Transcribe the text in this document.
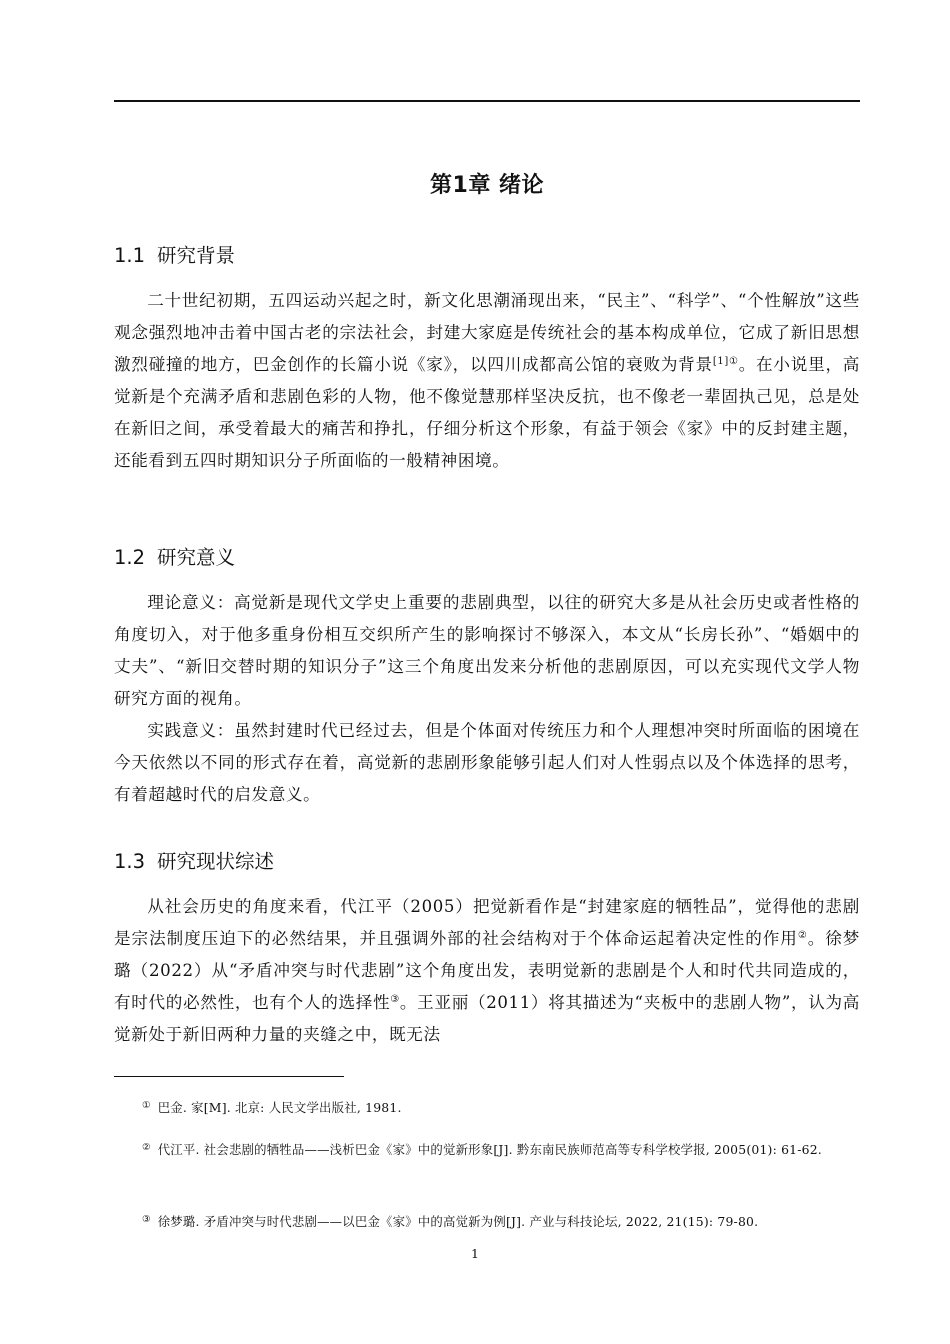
第1章 绪论
1.1 研究背景

二十世纪初期，五四运动兴起之时，新文化思潮涌现出来，“民主”、“科学”、“个性解放”这些观念强烈地冲击着中国古老的宗法社会，封建大家庭是传统社会的基本构成单位，它成了新旧思想激烈碰撞的地方，巴金创作的长篇小说《家》，以四川成都高公馆的衰败为背景$^{[1]①}$。在小说里，高觉新是个充满矛盾和悲剧色彩的人物，他不像觉慧那样坚决反抗，也不像老一辈固执己见，总是处在新旧之间，承受着最大的痛苦和挣扎，仔细分析这个形象，有益于领会《家》中的反封建主题，还能看到五四时期知识分子所面临的一般精神困境。

1.2 研究意义

理论意义：高觉新是现代文学史上重要的悲剧典型，以往的研究大多是从社会历史或者性格的角度切入，对于他多重身份相互交织所产生的影响探讨不够深入，本文从“长房长孙”、“婚姻中的丈夫”、“新旧交替时期的知识分子”这三个角度出发来分析他的悲剧原因，可以充实现代文学人物研究方面的视角。

实践意义：虽然封建时代已经过去，但是个体面对传统压力和个人理想冲突时所面临的困境在今天依然以不同的形式存在着，高觉新的悲剧形象能够引起人们对人性弱点以及个体选择的思考，有着超越时代的启发意义。

1.3 研究现状综述

从社会历史的角度来看，代江平（2005）把觉新看作是“封建家庭的牺牲品”，觉得他的悲剧是宗法制度压迫下的必然结果，并且强调外部的社会结构对于个体命运起着决定性的作用②。徐梦璐（2022）从“矛盾冲突与时代悲剧”这个角度出发，表明觉新的悲剧是个人和时代共同造成的，有时代的必然性，也有个人的选择性③。王亚丽（2011）将其描述为“夹板中的悲剧人物”，认为高觉新处于新旧两种力量的夹缝之中，既无法

① 巴金. 家[M]. 北京: 人民文学出版社, 1981.
② 代江平. 社会悲剧的牺牲品——浅析巴金《家》中的觉新形象[J]. 黔东南民族师范高等专科学校学报, 2005(01): 61-62.
③ 徐梦璐. 矛盾冲突与时代悲剧——以巴金《家》中的高觉新为例[J]. 产业与科技论坛, 2022, 21(15): 79-80.
1
